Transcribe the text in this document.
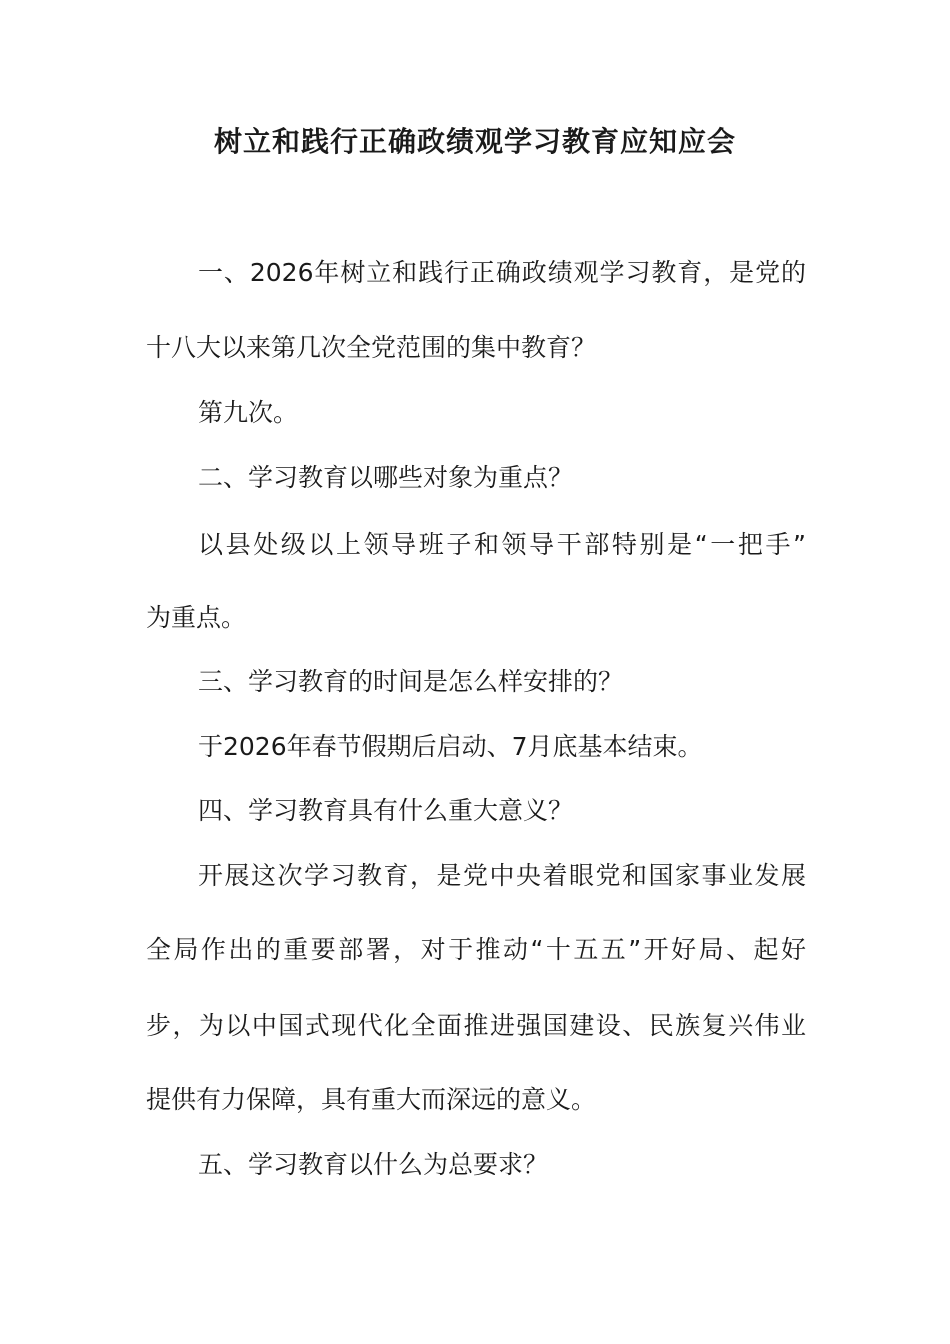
树立和践行正确政绩观学习教育应知应会
一、2026年树立和践行正确政绩观学习教育，是党的
十八大以来第几次全党范围的集中教育？
第九次。
二、学习教育以哪些对象为重点？
以县处级以上领导班子和领导干部特别是“一把手”
为重点。
三、学习教育的时间是怎么样安排的？
于2026年春节假期后启动、7月底基本结束。
四、学习教育具有什么重大意义？
开展这次学习教育，是党中央着眼党和国家事业发展
全局作出的重要部署，对于推动“十五五”开好局、起好
步，为以中国式现代化全面推进强国建设、民族复兴伟业
提供有力保障，具有重大而深远的意义。
五、学习教育以什么为总要求？
